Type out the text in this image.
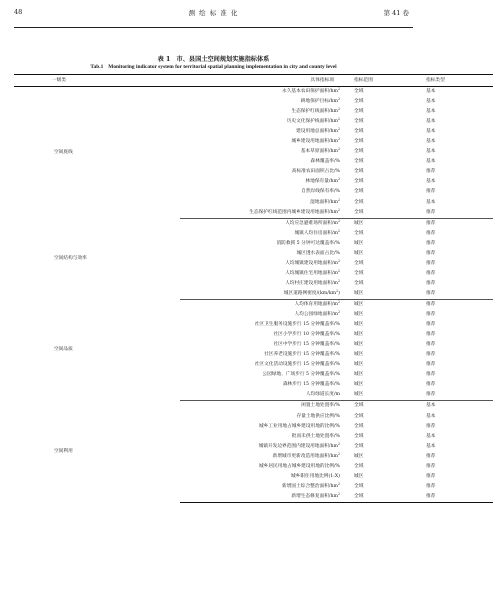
48	测 绘 标 准 化	第 41 卷
表 1　市、县国土空间规划实施指标体系
Tab.1 Monitoring indicator system for territorial spatial planning implementation in city and county level
一级类	具体指标项	指标范围	指标类型
空间底线	永久基本农田保护面积$/hm^2$	全域	基本
	耕地保护目标$/hm^2$	全域	基本
	生态保护红线面积$/hm^2$	全域	基本
	历史文化保护线面积$/hm^2$	全域	基本
	建设用地总面积$/hm^2$	全域	基本
	城乡建设用地面积$/hm^2$	全域	基本
	基本草原面积$/hm^2$	全域	基本
	森林覆盖率/%	全域	基本
	高标准农田面积占比/%	全域	推荐
	林地保有量$/hm^2$	全域	基本
	自然岸线保有率/%	全域	推荐
	湿地面积$/hm^2$	全域	基本
	生态保护红线范围内城乡建设用地面积$/hm^2$	全域	推荐
空间结构与效率	人均应急避难场所面积$/m^2$	城区	推荐
	城镇人均住房面积$/m^2$	全域	推荐
	消防救援 5 分钟可达覆盖率/%	城区	推荐
	城区透水表面占比/%	城区	推荐
	人均城镇建设用地面积$/m^2$	全域	推荐
	人均城镇住宅用地面积$/m^2$	全域	推荐
	人均村庄建设用地面积$/m^2$	全域	推荐
	城区道路网密度$/(km/km^2)$	城区	推荐
空间品质	人均体育用地面积$/m^2$	城区	推荐
	人均公园绿地面积$/m^2$	城区	推荐
	社区卫生服务设施步行 15 分钟覆盖率/%	城区	推荐
	社区小学步行 10 分钟覆盖率/%	城区	推荐
	社区中学步行 15 分钟覆盖率/%	城区	推荐
	社区养老设施步行 15 分钟覆盖率/%	城区	推荐
	社区文化活动设施步行 15 分钟覆盖率/%	城区	推荐
	公园绿地、广场步行 5 分钟覆盖率/%	城区	推荐
	森林步行 15 分钟覆盖率/%	城区	推荐
	人均绿道长度/m	城区	推荐
空间利用	闲置土地处置率/%	全域	基本
	存量土地供应比例/%	全域	基本
	城乡工业用地占城乡建设用地的比例/%	全域	推荐
	批而未供土地处置率/%	全域	基本
	城镇开发边界范围内建设用地面积$/hm^2$	全域	基本
	新增城市更新改造用地面积$/hm^2$	城区	推荐
	城乡居民用地占城乡建设用地的比例/%	全域	推荐
	城乡职住用地比例(1:X)	城区	推荐
	新增国土综合整治面积$/hm^2$	全域	推荐
	新增生态修复面积$/hm^2$	全域	推荐
